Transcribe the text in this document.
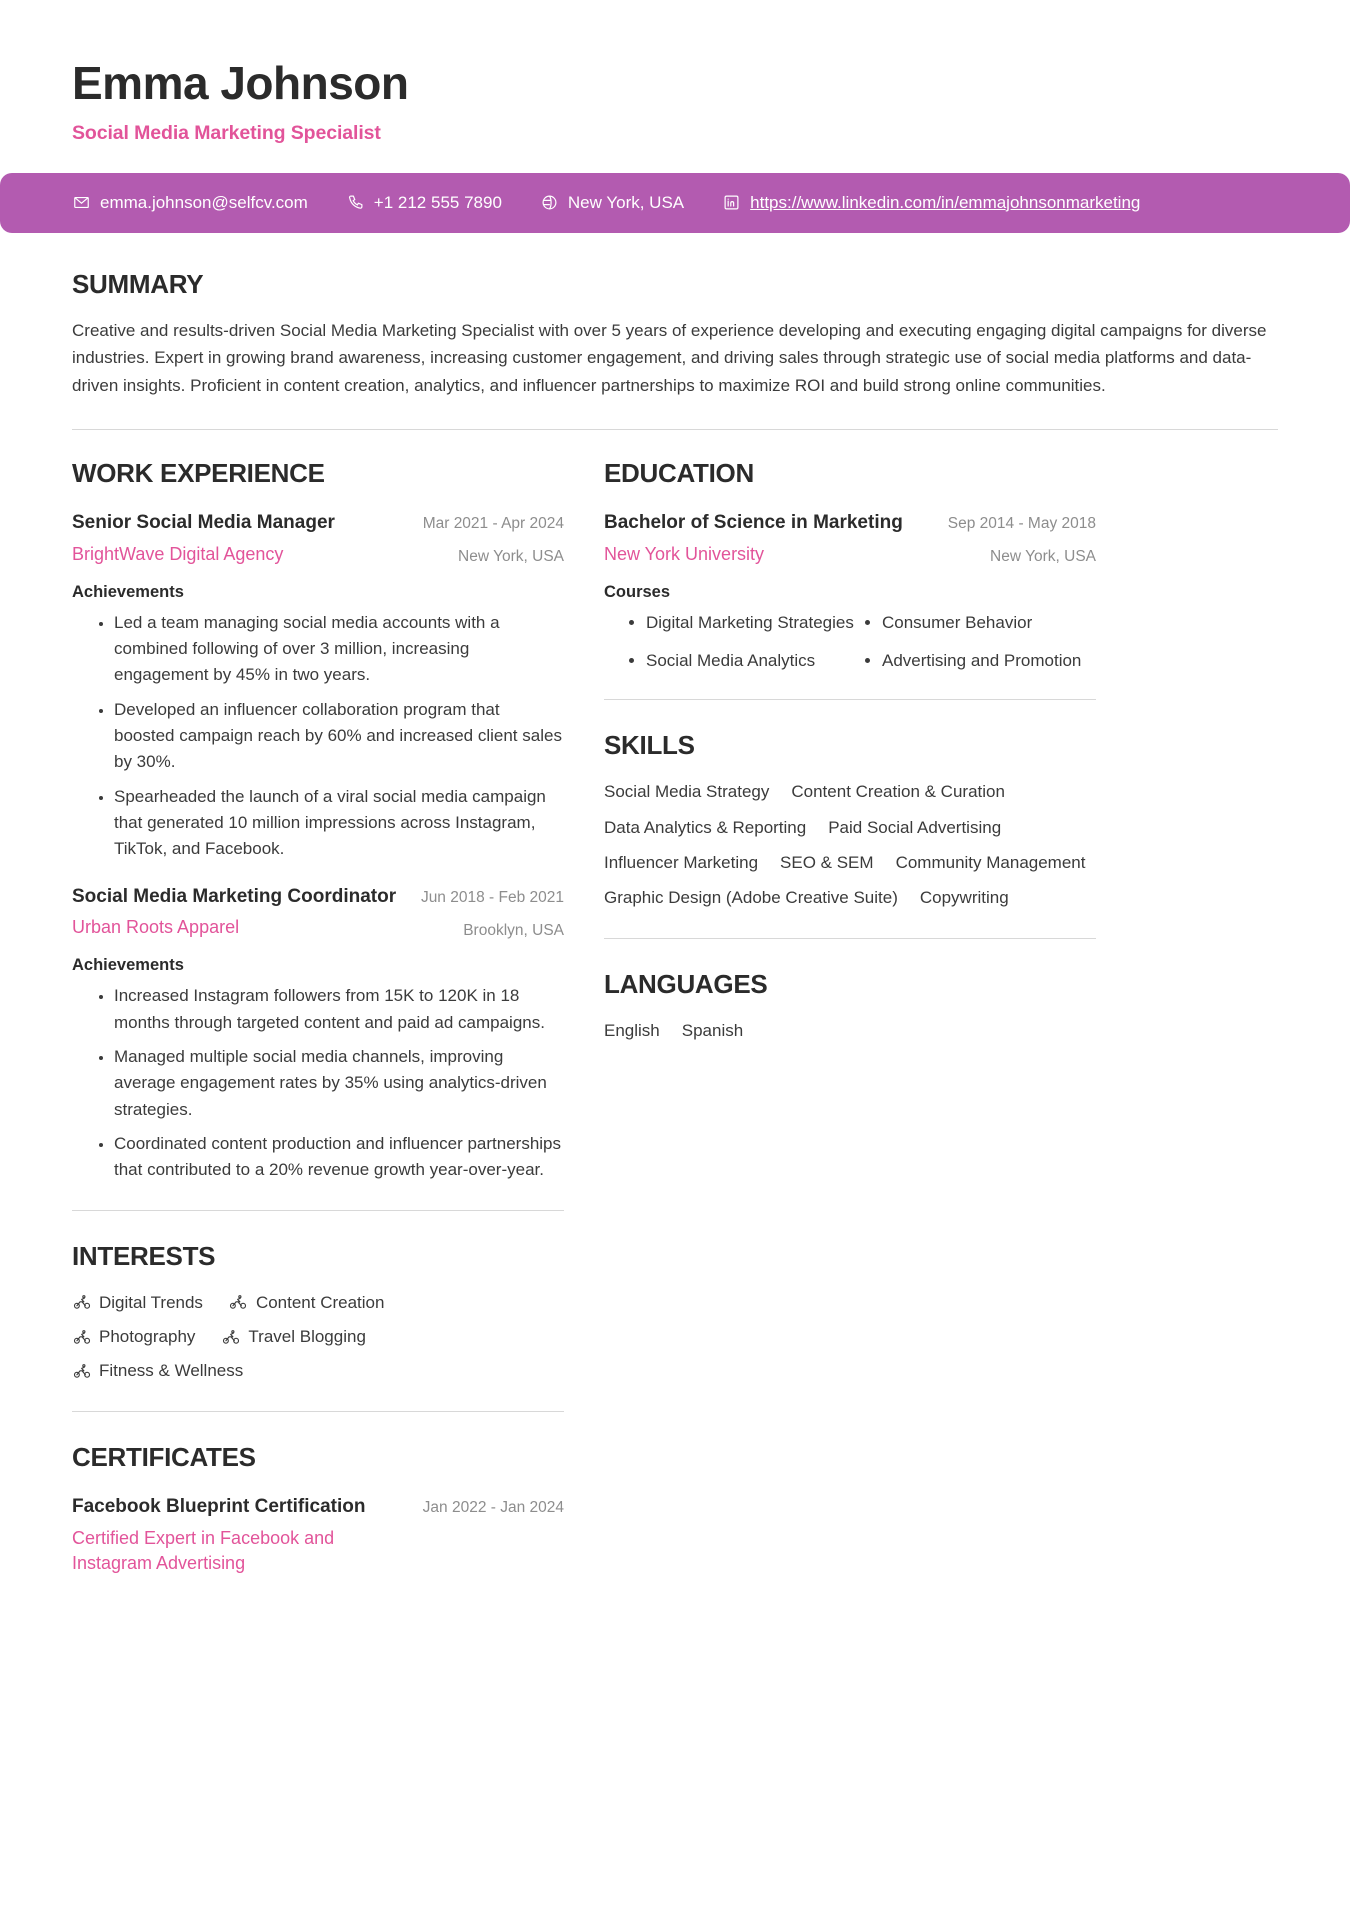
Emma Johnson
Social Media Marketing Specialist
emma.johnson@selfcv.com	+1 212 555 7890	New York, USA	https://www.linkedin.com/in/emmajohnsonmarketing
SUMMARY
Creative and results-driven Social Media Marketing Specialist with over 5 years of experience developing and executing engaging digital campaigns for diverse industries. Expert in growing brand awareness, increasing customer engagement, and driving sales through strategic use of social media platforms and data-driven insights. Proficient in content creation, analytics, and influencer partnerships to maximize ROI and build strong online communities.
WORK EXPERIENCE
Senior Social Media Manager
BrightWave Digital Agency
Mar 2021 - Apr 2024
New York, USA
Achievements
• Led a team managing social media accounts with a combined following of over 3 million, increasing engagement by 45% in two years.
• Developed an influencer collaboration program that boosted campaign reach by 60% and increased client sales by 30%.
• Spearheaded the launch of a viral social media campaign that generated 10 million impressions across Instagram, TikTok, and Facebook.
Social Media Marketing Coordinator
Urban Roots Apparel
Jun 2018 - Feb 2021
Brooklyn, USA
Achievements
• Increased Instagram followers from 15K to 120K in 18 months through targeted content and paid ad campaigns.
• Managed multiple social media channels, improving average engagement rates by 35% using analytics-driven strategies.
• Coordinated content production and influencer partnerships that contributed to a 20% revenue growth year-over-year.
INTERESTS
Digital Trends	Content Creation
Photography	Travel Blogging
Fitness & Wellness
CERTIFICATES
Facebook Blueprint Certification
Certified Expert in Facebook and Instagram Advertising
Jan 2022 - Jan 2024
EDUCATION
Bachelor of Science in Marketing
New York University
Sep 2014 - May 2018
New York, USA
Courses
• Digital Marketing Strategies	• Consumer Behavior
• Social Media Analytics	• Advertising and Promotion
SKILLS
Social Media Strategy Content Creation & Curation
Data Analytics & Reporting Paid Social Advertising
Influencer Marketing SEO & SEM Community Management
Graphic Design (Adobe Creative Suite) Copywriting
LANGUAGES
English Spanish
